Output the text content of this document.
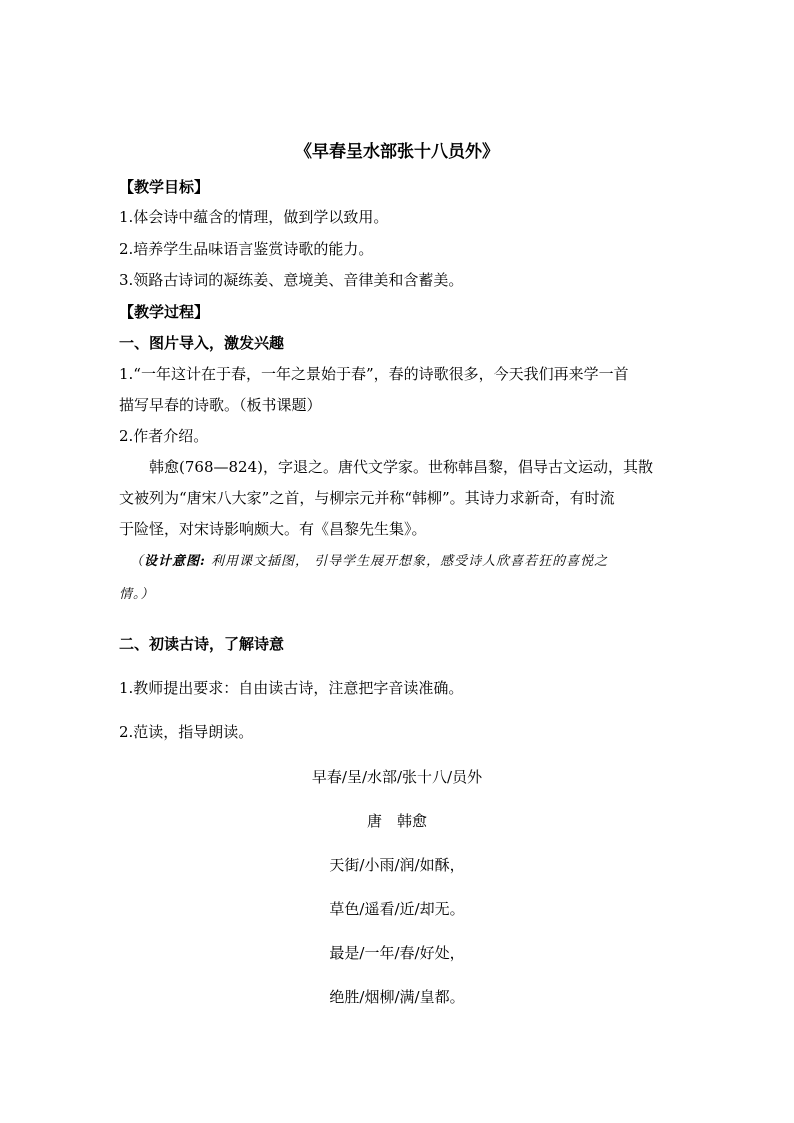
《早春呈水部张十八员外》
【教学目标】
1.体会诗中蕴含的情理，做到学以致用。
2.培养学生品味语言鉴赏诗歌的能力。
3.领路古诗词的凝练姜、意境美、音律美和含蓄美。
【教学过程】
一、图片导入，激发兴趣
1.“一年这计在于春，一年之景始于春”，春的诗歌很多，今天我们再来学一首
描写早春的诗歌。（板书课题）
2.作者介绍。
韩愈(768—824)，字退之。唐代文学家。世称韩昌黎，倡导古文运动，其散
文被列为“唐宋八大家”之首，与柳宗元并称“韩柳”。其诗力求新奇，有时流
于险怪，对宋诗影响颇大。有《昌黎先生集》。
（设计意图: 利用课文插图， 引导学生展开想象，感受诗人欣喜若狂的喜悦之
情。）
二、初读古诗，了解诗意
1.教师提出要求：自由读古诗，注意把字音读准确。
2.范读，指导朗读。
早春/呈/水部/张十八/员外
唐　韩愈
天街/小雨/润/如酥，
草色/遥看/近/却无。
最是/一年/春/好处，
绝胜/烟柳/满/皇都。
